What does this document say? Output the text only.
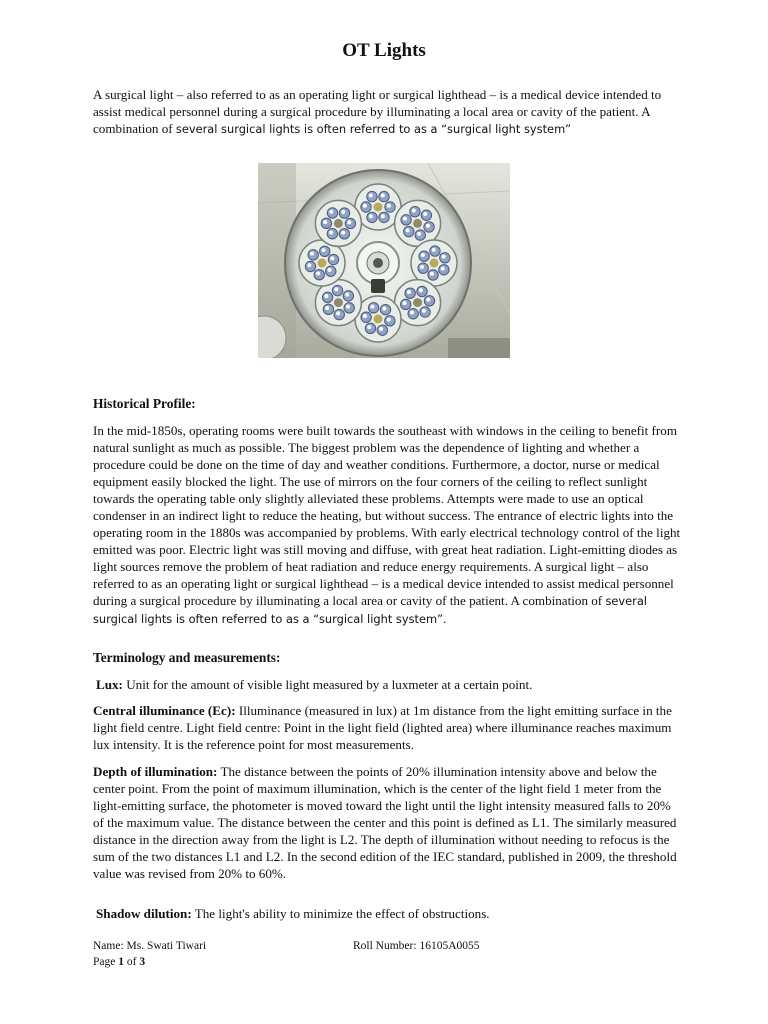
OT Lights

A surgical light – also referred to as an operating light or surgical lighthead – is a medical device intended to assist medical personnel during a surgical procedure by illuminating a local area or cavity of the patient. A combination of several surgical lights is often referred to as a “surgical light system”

Historical Profile:

In the mid-1850s, operating rooms were built towards the southeast with windows in the ceiling to benefit from natural sunlight as much as possible. The biggest problem was the dependence of lighting and whether a procedure could be done on the time of day and weather conditions. Furthermore, a doctor, nurse or medical equipment easily blocked the light. The use of mirrors on the four corners of the ceiling to reflect sunlight towards the operating table only slightly alleviated these problems. Attempts were made to use an optical condenser in an indirect light to reduce the heating, but without success. The entrance of electric lights into the operating room in the 1880s was accompanied by problems. With early electrical technology control of the light emitted was poor. Electric light was still moving and diffuse, with great heat radiation. Light-emitting diodes as light sources remove the problem of heat radiation and reduce energy requirements. A surgical light – also referred to as an operating light or surgical lighthead – is a medical device intended to assist medical personnel during a surgical procedure by illuminating a local area or cavity of the patient. A combination of several surgical lights is often referred to as a “surgical light system”.

Terminology and measurements:

Lux: Unit for the amount of visible light measured by a luxmeter at a certain point.

Central illuminance (Ec): Illuminance (measured in lux) at 1m distance from the light emitting surface in the light field centre. Light field centre: Point in the light field (lighted area) where illuminance reaches maximum lux intensity. It is the reference point for most measurements.

Depth of illumination: The distance between the points of 20% illumination intensity above and below the center point. From the point of maximum illumination, which is the center of the light field 1 meter from the light-emitting surface, the photometer is moved toward the light until the light intensity measured falls to 20% of the maximum value. The distance between the center and this point is defined as L1. The similarly measured distance in the direction away from the light is L2. The depth of illumination without needing to refocus is the sum of the two distances L1 and L2. In the second edition of the IEC standard, published in 2009, the threshold value was revised from 20% to 60%.

Shadow dilution: The light's ability to minimize the effect of obstructions.

Name: Ms. Swati Tiwari
Page 1 of 3

Roll Number: 16105A0055
